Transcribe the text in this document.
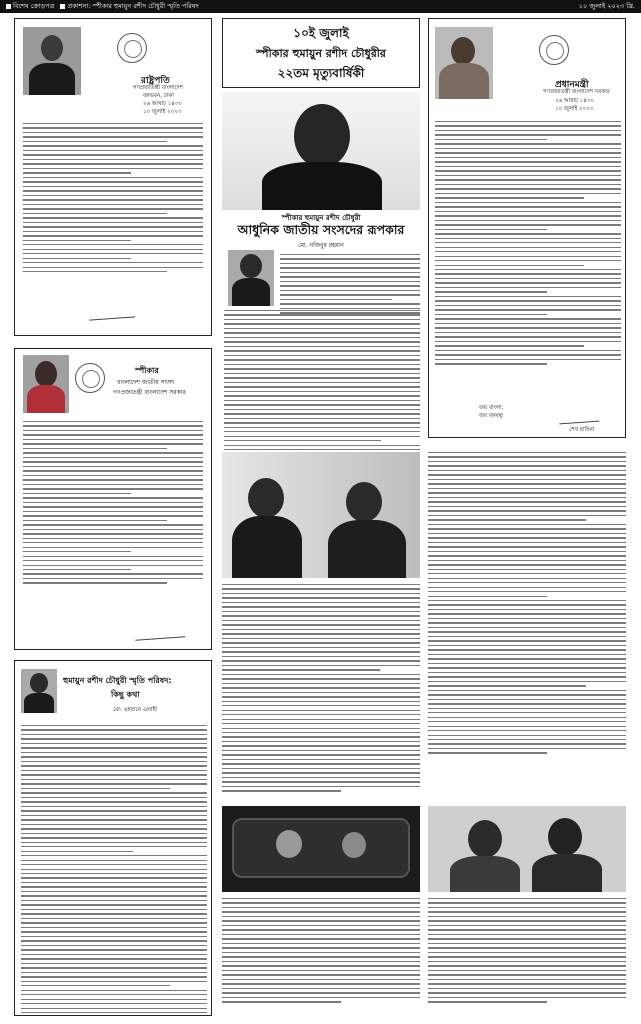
বিশেষ ক্রোড়পত্র	প্রকাশনা: স্পীকার হুমায়ুন রশীদ চৌধুরী স্মৃতি পরিষদ	১০ জুলাই ২০২৩ খ্রি.
রাষ্ট্রপতি
গণপ্রজাতন্ত্রী বাংলাদেশ
বঙ্গভবন, ঢাকা
২৬ আষাঢ় ১৪৩০
১০ জুলাই ২০২৩
স্পীকার
বাংলাদেশ জাতীয় সংসদ
গণপ্রজাতন্ত্রী বাংলাদেশ সরকার
হুমায়ুন রশীদ চৌধুরী স্মৃতি পরিষদ:
কিছু কথা
মো: এহছানে এলাহী
১০ই জুলাই
স্পীকার হুমায়ুন রশীদ চৌধুরীর
২২তম মৃত্যুবার্ষিকী
স্পীকার হুমায়ুন রশীদ চৌধুরী
আধুনিক জাতীয় সংসদের রূপকার
মো. নজিবুর রহমান
প্রধানমন্ত্রী
গণপ্রজাতন্ত্রী বাংলাদেশ সরকার
২৬ আষাঢ় ১৪৩০
১০ জুলাই ২০২৩
জয় বাংলা,
জয় বঙ্গবন্ধু
শেখ হাসিনা
